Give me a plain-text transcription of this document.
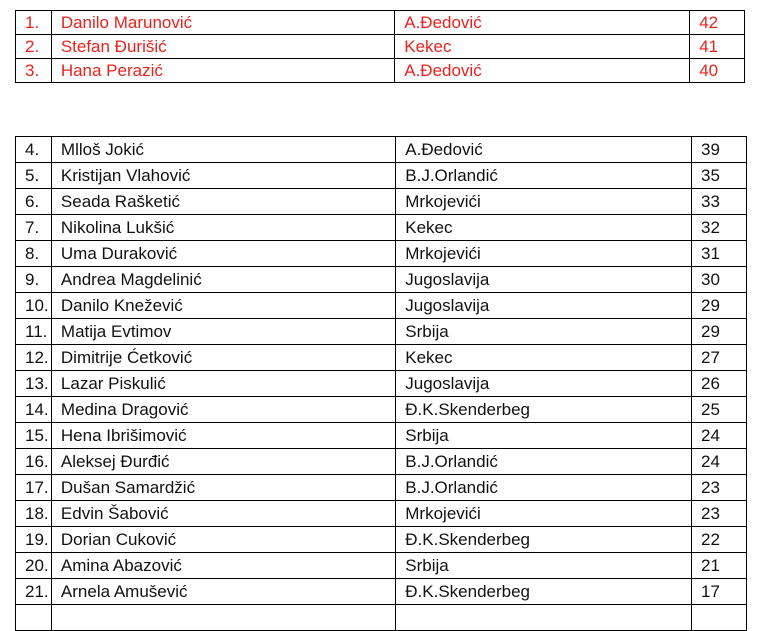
1.	Danilo Marunović	A.Đedović	42
2.	Stefan Đurišić	Kekec	41
3.	Hana Perazić	A.Đedović	40
4.	Mlloš Jokić	A.Đedović	39
5.	Kristijan Vlahović	B.J.Orlandić	35
6.	Seada Rašketić	Mrkojevići	33
7.	Nikolina Lukšić	Kekec	32
8.	Uma Duraković	Mrkojevići	31
9.	Andrea Magdelinić	Jugoslavija	30
10.	Danilo Knežević	Jugoslavija	29
11.	Matija Evtimov	Srbija	29
12.	Dimitrije Ćetković	Kekec	27
13.	Lazar Piskulić	Jugoslavija	26
14.	Medina Dragović	Đ.K.Skenderbeg	25
15.	Hena Ibrišimović	Srbija	24
16.	Aleksej Đurđić	B.J.Orlandić	24
17.	Dušan Samardžić	B.J.Orlandić	23
18.	Edvin Šabović	Mrkojevići	23
19.	Dorian Cuković	Đ.K.Skenderbeg	22
20.	Amina Abazović	Srbija	21
21.	Arnela Amušević	Đ.K.Skenderbeg	17
